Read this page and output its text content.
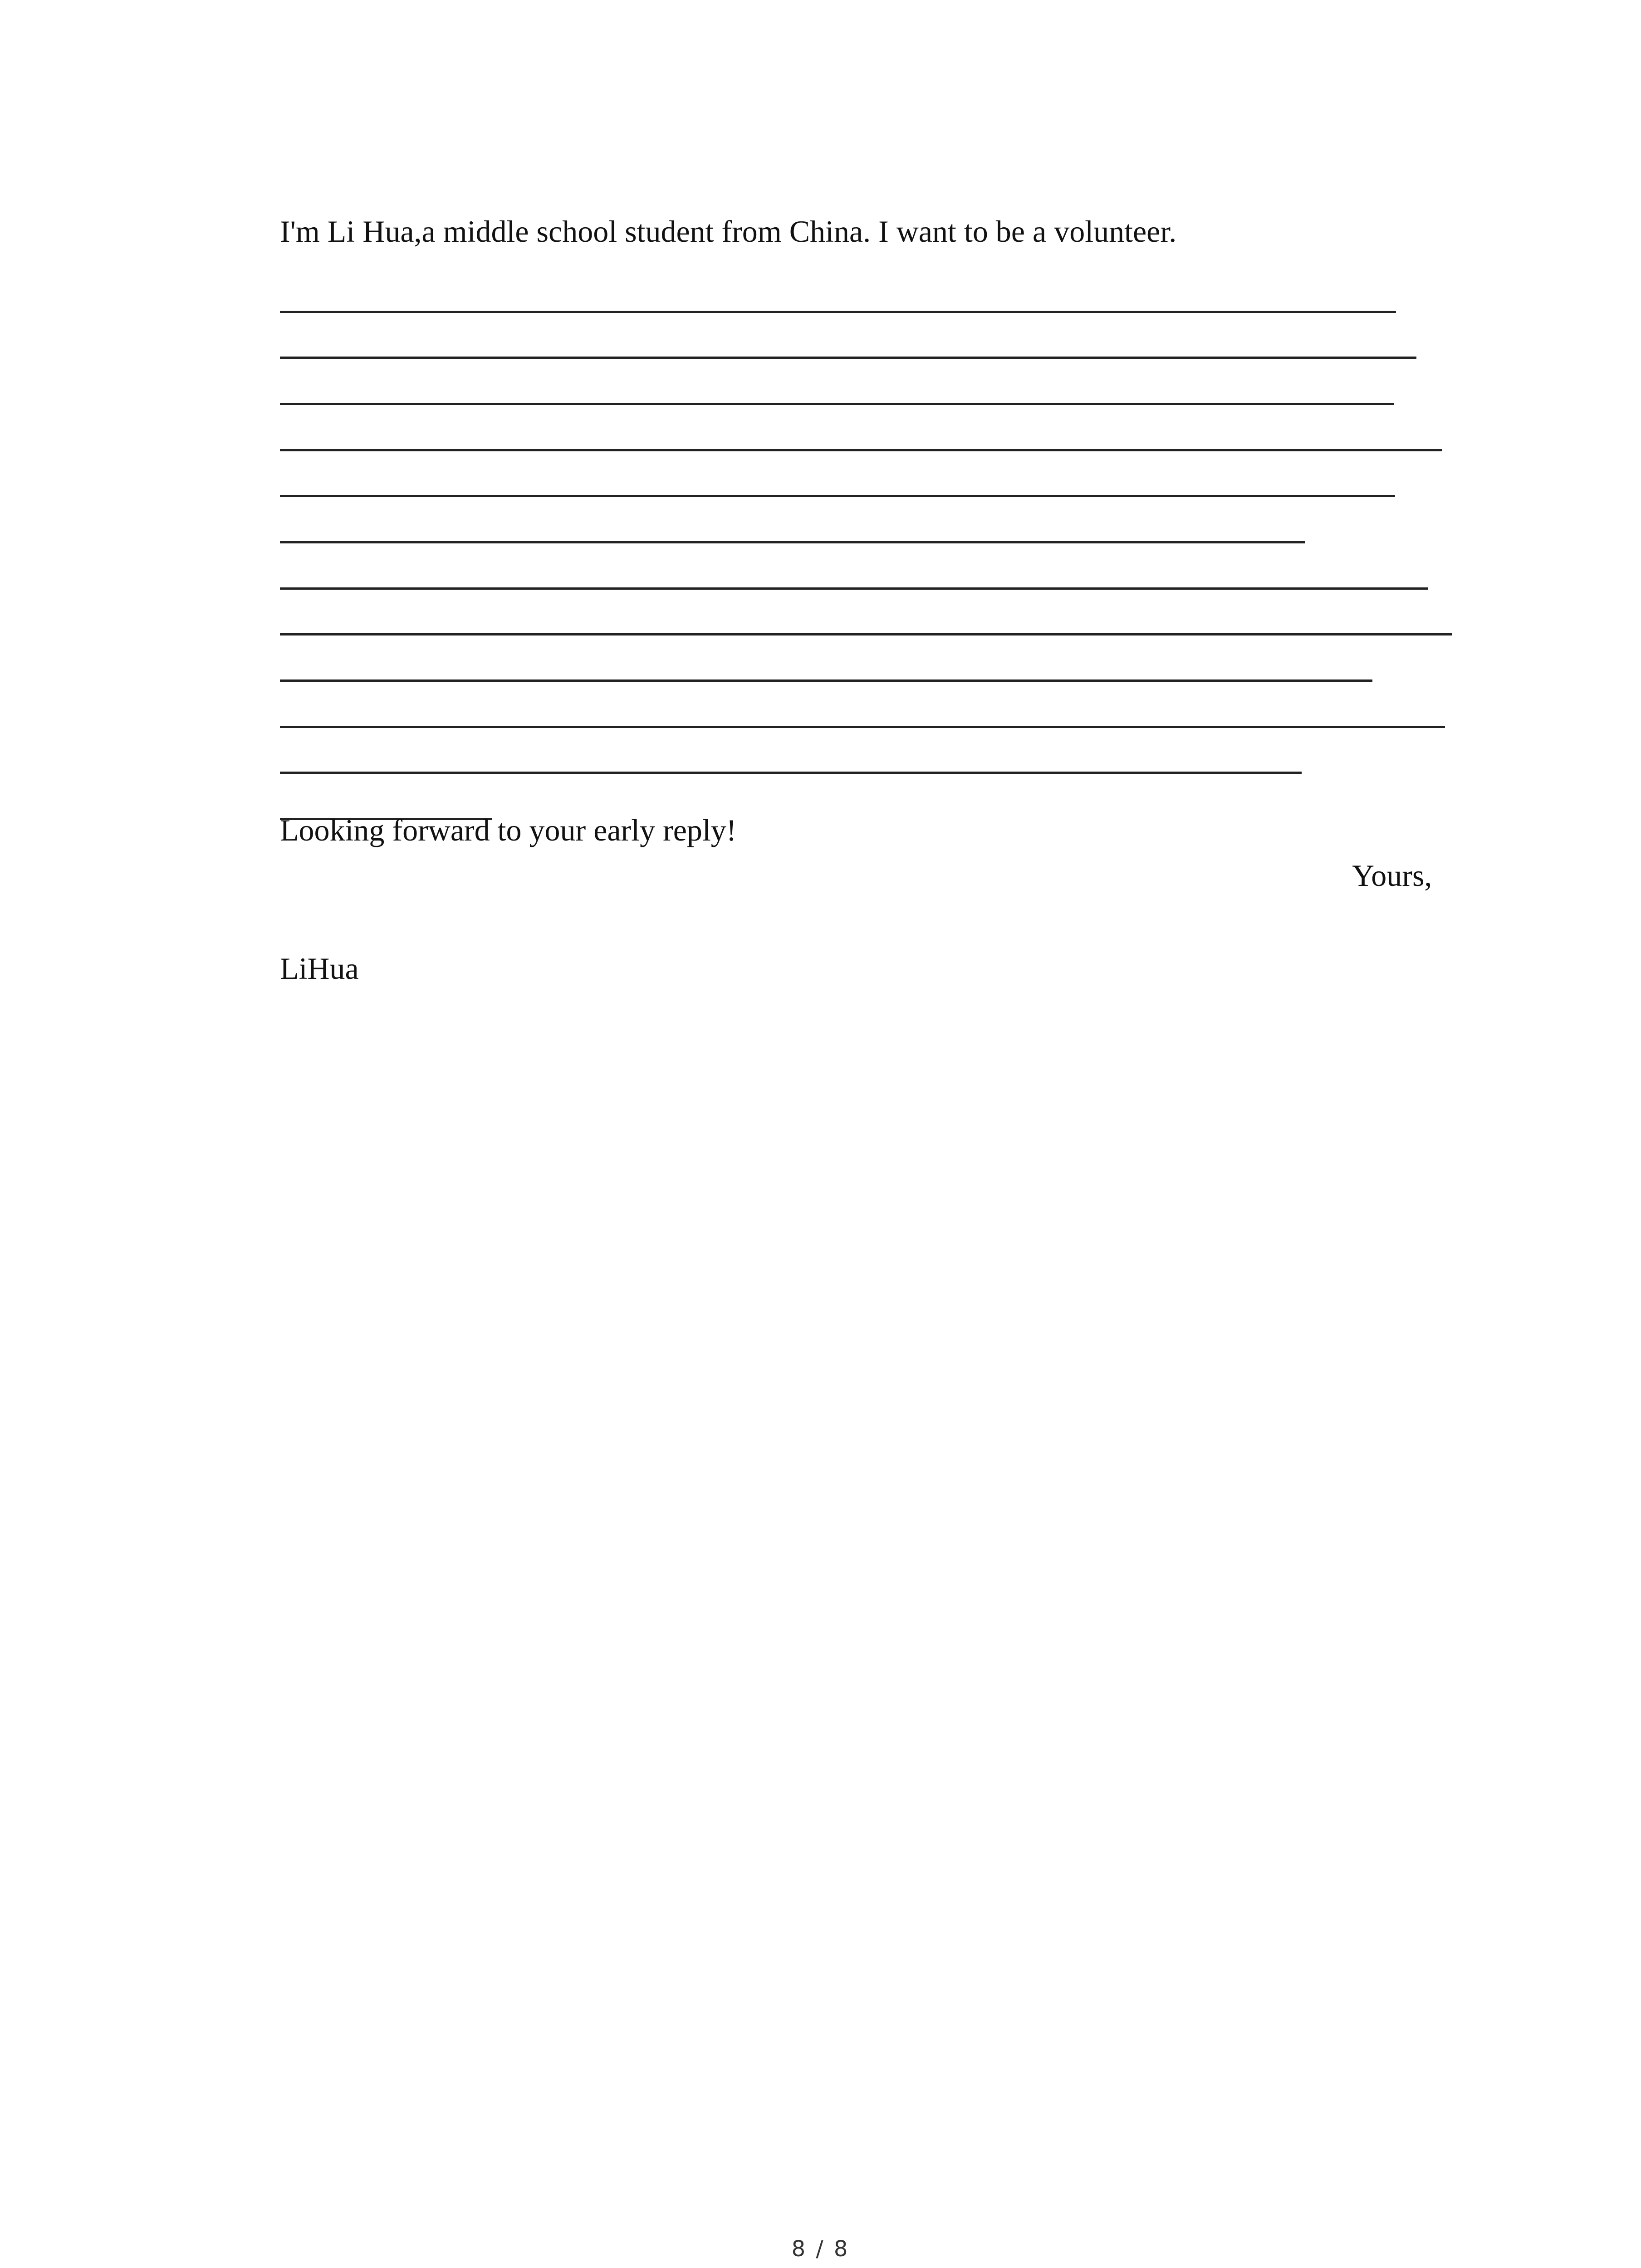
I'm Li Hua,a middle school student from China. I want to be a volunteer.
Looking forward to your early reply!
Yours,
LiHua
8 / 8
